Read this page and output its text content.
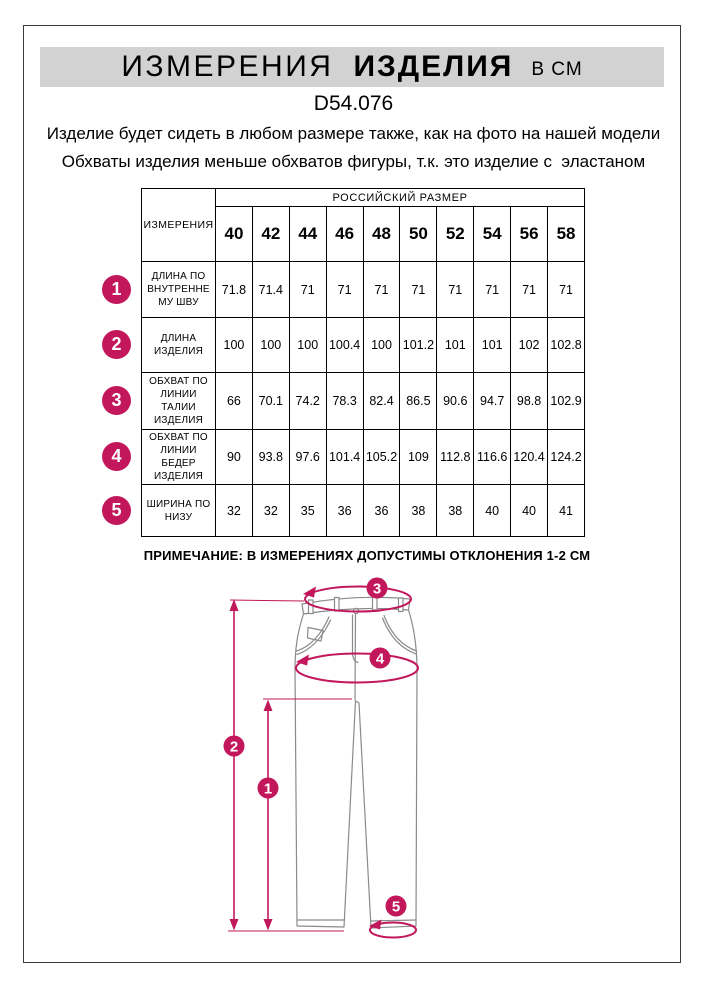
ИЗМЕРЕНИЯ ИЗДЕЛИЯ В СМ
D54.076
Изделие будет сидеть в любом размере также, как на фото на нашей модели
Обхваты изделия меньше обхватов фигуры, т.к. это изделие с  эластаном
ИЗМЕРЕНИЯ	РОССИЙСКИЙ РАЗМЕР									
	40	42	44	46	48	50	52	54	56	58
ДЛИНА ПО ВНУТРЕННЕМУ ШВУ	71.8	71.4	71	71	71	71	71	71	71	71
ДЛИНА ИЗДЕЛИЯ	100	100	100	100.4	100	101.2	101	101	102	102.8
ОБХВАТ ПО ЛИНИИ ТАЛИИ ИЗДЕЛИЯ	66	70.1	74.2	78.3	82.4	86.5	90.6	94.7	98.8	102.9
ОБХВАТ ПО ЛИНИИ БЕДЕР ИЗДЕЛИЯ	90	93.8	97.6	101.4	105.2	109	112.8	116.6	120.4	124.2
ШИРИНА ПО НИЗУ	32	32	35	36	36	38	38	40	40	41
1
2
3
4
5
ПРИМЕЧАНИЕ: В ИЗМЕРЕНИЯХ ДОПУСТИМЫ ОТКЛОНЕНИЯ 1-2 СМ
1
2
3
4
5
